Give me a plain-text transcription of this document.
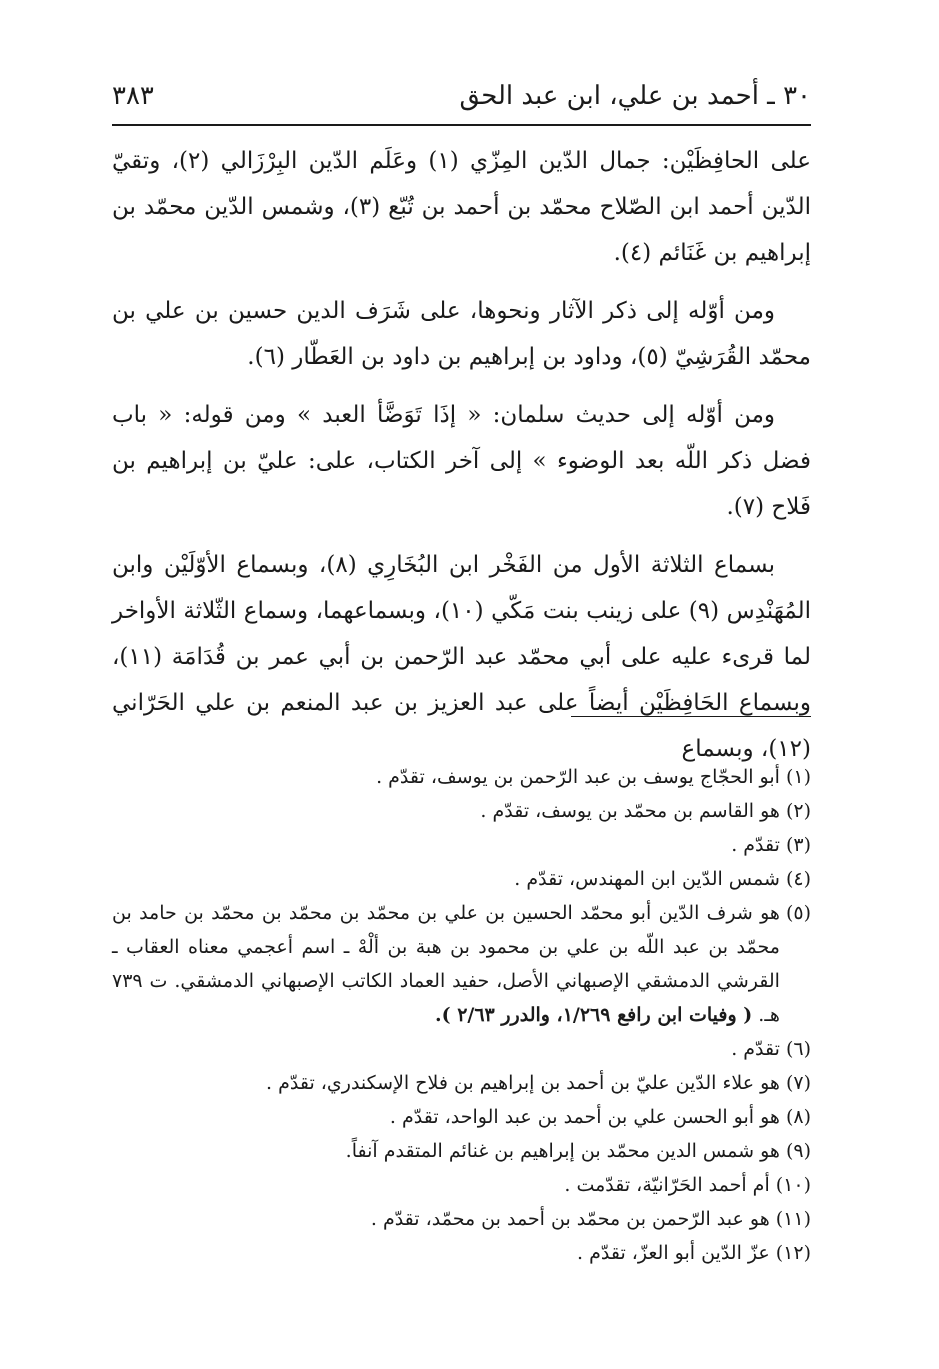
٣٠ ـ أحمد بن علي، ابن عبد الحق
٣٨٣

على الحافِظَيْن: جمال الدّين المِزّي (١) وعَلَم الدّين البِرْزَالي (٢)، وتقيّ الدّين أحمد ابن الصّلاح محمّد بن أحمد بن تُبّع (٣)، وشمس الدّين محمّد بن إبراهيم بن غَنَائم (٤).

ومن أوّله إلى ذكر الآثار ونحوها، على شَرَف الدين حسين بن علي بن محمّد القُرَشِيّ (٥)، وداود بن إبراهيم بن داود بن العَطّار (٦).

ومن أوّله إلى حديث سلمان: « إذَا تَوَضَّأ العبد » ومن قوله: « باب فضل ذكر اللّه بعد الوضوء » إلى آخر الكتاب، على: عليّ بن إبراهيم بن فَلاح (٧).

بسماع الثلاثة الأول من الفَخْر ابن البُخَارِي (٨)، وبسماع الأوّلَيْن وابن المُهَنْدِس (٩) على زينب بنت مَكّي (١٠)، وبسماعهما، وسماع الثّلاثة الأواخر لما قرىء عليه على أبي محمّد عبد الرّحمن بن أبي عمر بن قُدَامَة (١١)، وبسماع الحَافِظَيْن أيضاً على عبد العزيز بن عبد المنعم بن علي الحَرّاني (١٢)، وبسماع

(١)
أبو الحجّاج يوسف بن عبد الرّحمن بن يوسف، تقدّم .
(٢)
هو القاسم بن محمّد بن يوسف، تقدّم .
(٣)
تقدّم .
(٤)
شمس الدّين ابن المهندس، تقدّم .
(٥)
هو شرف الدّين أبو محمّد الحسين بن علي بن محمّد بن محمّد بن محمّد بن حامد بن محمّد بن عبد اللّه بن علي بن محمود بن هبة بن ألْهْ ـ اسم أعجمي معناه العقاب ـ القرشي الدمشقي الإصبهاني الأصل، حفيد العماد الكاتب الإصبهاني الدمشقي. ت ٧٣٩ هـ. ( وفيات ابن رافع ١/٢٦٩، والدرر ٢/٦٣ ).
(٦)
تقدّم .
(٧)
هو علاء الدّين عليّ بن أحمد بن إبراهيم بن فلاح الإسكندري، تقدّم .
(٨)
هو أبو الحسن علي بن أحمد بن عبد الواحد، تقدّم .
(٩)
هو شمس الدين محمّد بن إبراهيم بن غنائم المتقدم آنفاً.
(١٠)
أم أحمد الحَرّانيّة، تقدّمت .
(١١)
هو عبد الرّحمن بن محمّد بن أحمد بن محمّد، تقدّم .
(١٢)
عزّ الدّين أبو العزّ، تقدّم .
